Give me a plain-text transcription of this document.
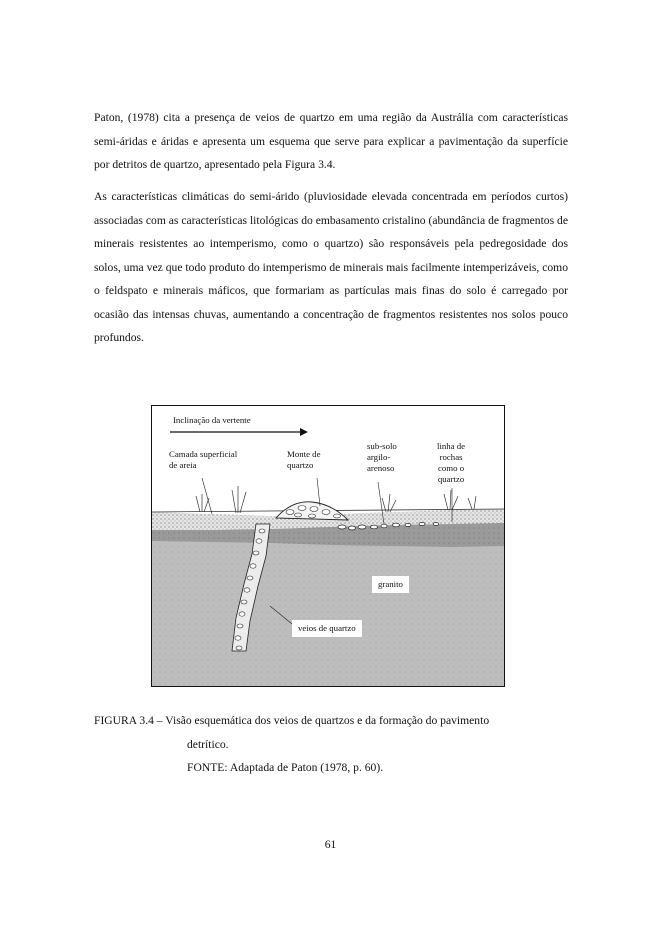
Paton, (1978) cita a presença de veios de quartzo em uma região da Austrália com características semi-áridas e áridas e apresenta um esquema que serve para explicar a pavimentação da superfície por detritos de quartzo, apresentado pela Figura 3.4.

As características climáticas do semi-árido (pluviosidade elevada concentrada em períodos curtos) associadas com as características litológicas do embasamento cristalino (abundância de fragmentos de minerais resistentes ao intemperismo, como o quartzo) são responsáveis pela pedregosidade dos solos, uma vez que todo produto do intemperismo de minerais mais facilmente intemperizáveis, como o feldspato e minerais máficos, que formariam as partículas mais finas do solo é carregado por ocasião das intensas chuvas, aumentando a concentração de fragmentos resistentes nos solos pouco profundos.

Inclinação da vertente
Camada superficial
de areia
Monte de
quartzo
sub-solo
argilo-
arenoso
linha de
rochas
como o
quartzo
granito
veios de quartzo

FIGURA 3.4 – Visão esquemática dos veios de quartzos e da formação do pavimento

detrítico.

FONTE: Adaptada de Paton (1978, p. 60).

61
